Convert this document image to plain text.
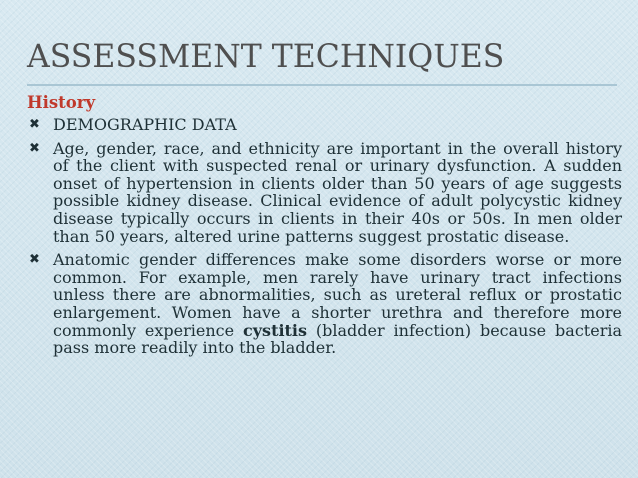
ASSESSMENT TECHNIQUES
History
✖ DEMOGRAPHIC DATA
✖ Age, gender, race, and ethnicity are important in the overall history of the client with suspected renal or urinary dysfunction. A sudden onset of hypertension in clients older than 50 years of age suggests possible kidney disease. Clinical evidence of adult polycystic kidney disease typically occurs in clients in their 40s or 50s. In men older than 50 years, altered urine patterns suggest prostatic disease.
✖ Anatomic gender differences make some disorders worse or more common. For example, men rarely have urinary tract infections unless there are abnormalities, such as ureteral reflux or prostatic enlargement. Women have a shorter urethra and therefore more commonly experience cystitis (bladder infection) because bacteria pass more readily into the bladder.
